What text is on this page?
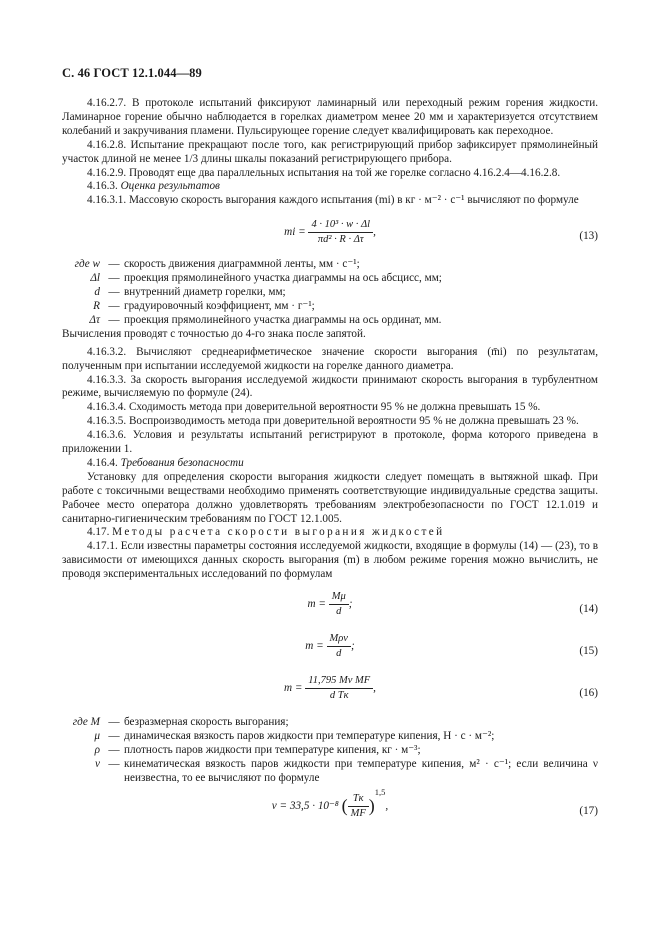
С. 46 ГОСТ 12.1.044—89

4.16.2.7. В протоколе испытаний фиксируют ламинарный или переходный режим горения жидкости. Ламинарное горение обычно наблюдается в горелках диаметром менее 20 мм и характеризуется отсутствием колебаний и закручивания пламени. Пульсирующее горение следует квалифицировать как переходное.

4.16.2.8. Испытание прекращают после того, как регистрирующий прибор зафиксирует прямолинейный участок длиной не менее 1/3 длины шкалы показаний регистрирующего прибора.

4.16.2.9. Проводят еще два параллельных испытания на той же горелке согласно 4.16.2.4—4.16.2.8.

4.16.3. Оценка результатов

4.16.3.1. Массовую скорость выгорания каждого испытания (mi) в кг · м⁻² · с⁻¹ вычисляют по формуле

mi = $\frac{\text{4 · 10³ · w · Δl}}{\text{πd² · R · Δτ}}$ ,	(13)
где w — скорость движения диаграммной ленты, мм · с⁻¹;
Δl — проекция прямолинейного участка диаграммы на ось абсцисс, мм;
d — внутренний диаметр горелки, мм;
R — градуировочный коэффициент, мм · г⁻¹;
Δτ — проекция прямолинейного участка диаграммы на ось ординат, мм.

Вычисления проводят с точностью до 4-го знака после запятой.

4.16.3.2. Вычисляют среднеарифметическое значение скорости выгорания (m̄i) по результатам, полученным при испытании исследуемой жидкости на горелке данного диаметра.

4.16.3.3. За скорость выгорания исследуемой жидкости принимают скорость выгорания в турбулентном режиме, вычисляемую по формуле (24).

4.16.3.4. Сходимость метода при доверительной вероятности 95 % не должна превышать 15 %.

4.16.3.5. Воспроизводимость метода при доверительной вероятности 95 % не должна превышать 23 %.

4.16.3.6. Условия и результаты испытаний регистрируют в протоколе, форма которого приведена в приложении 1.

4.16.4. Требования безопасности

Установку для определения скорости выгорания жидкости следует помещать в вытяжной шкаф. При работе с токсичными веществами необходимо применять соответствующие индивидуальные средства защиты. Рабочее место оператора должно удовлетворять требованиям электробезопасности по ГОСТ 12.1.019 и санитарно-гигиеническим требованиям по ГОСТ 12.1.005.

4.17. Методы расчета скорости выгорания жидкостей

4.17.1. Если известны параметры состояния исследуемой жидкости, входящие в формулы (14) — (23), то в зависимости от имеющихся данных скорость выгорания (m) в любом режиме горения можно вычислить, не проводя экспериментальных исследований по формулам

$m = \frac{M\mu}{d}$ ;	(14)
$m = \frac{\text{Mρν}}{d}$ ;	(15)
$m = \frac{\text{11,795 Mν MF}}{\text{d Tк}}$ ,	(16)
где M — безразмерная скорость выгорания;
μ — динамическая вязкость паров жидкости при температуре кипения, Н · с · м⁻²;
ρ — плотность паров жидкости при температуре кипения, кг · м⁻³;
ν — кинематическая вязкость паров жидкости при температуре кипения, м² · с⁻¹; если величина ν неизвестна, то ее вычисляют по формуле
ν = 33,5 · 10⁻⁸ ( $\frac{Tк}{MF} )^{1,5}$,	(17)
